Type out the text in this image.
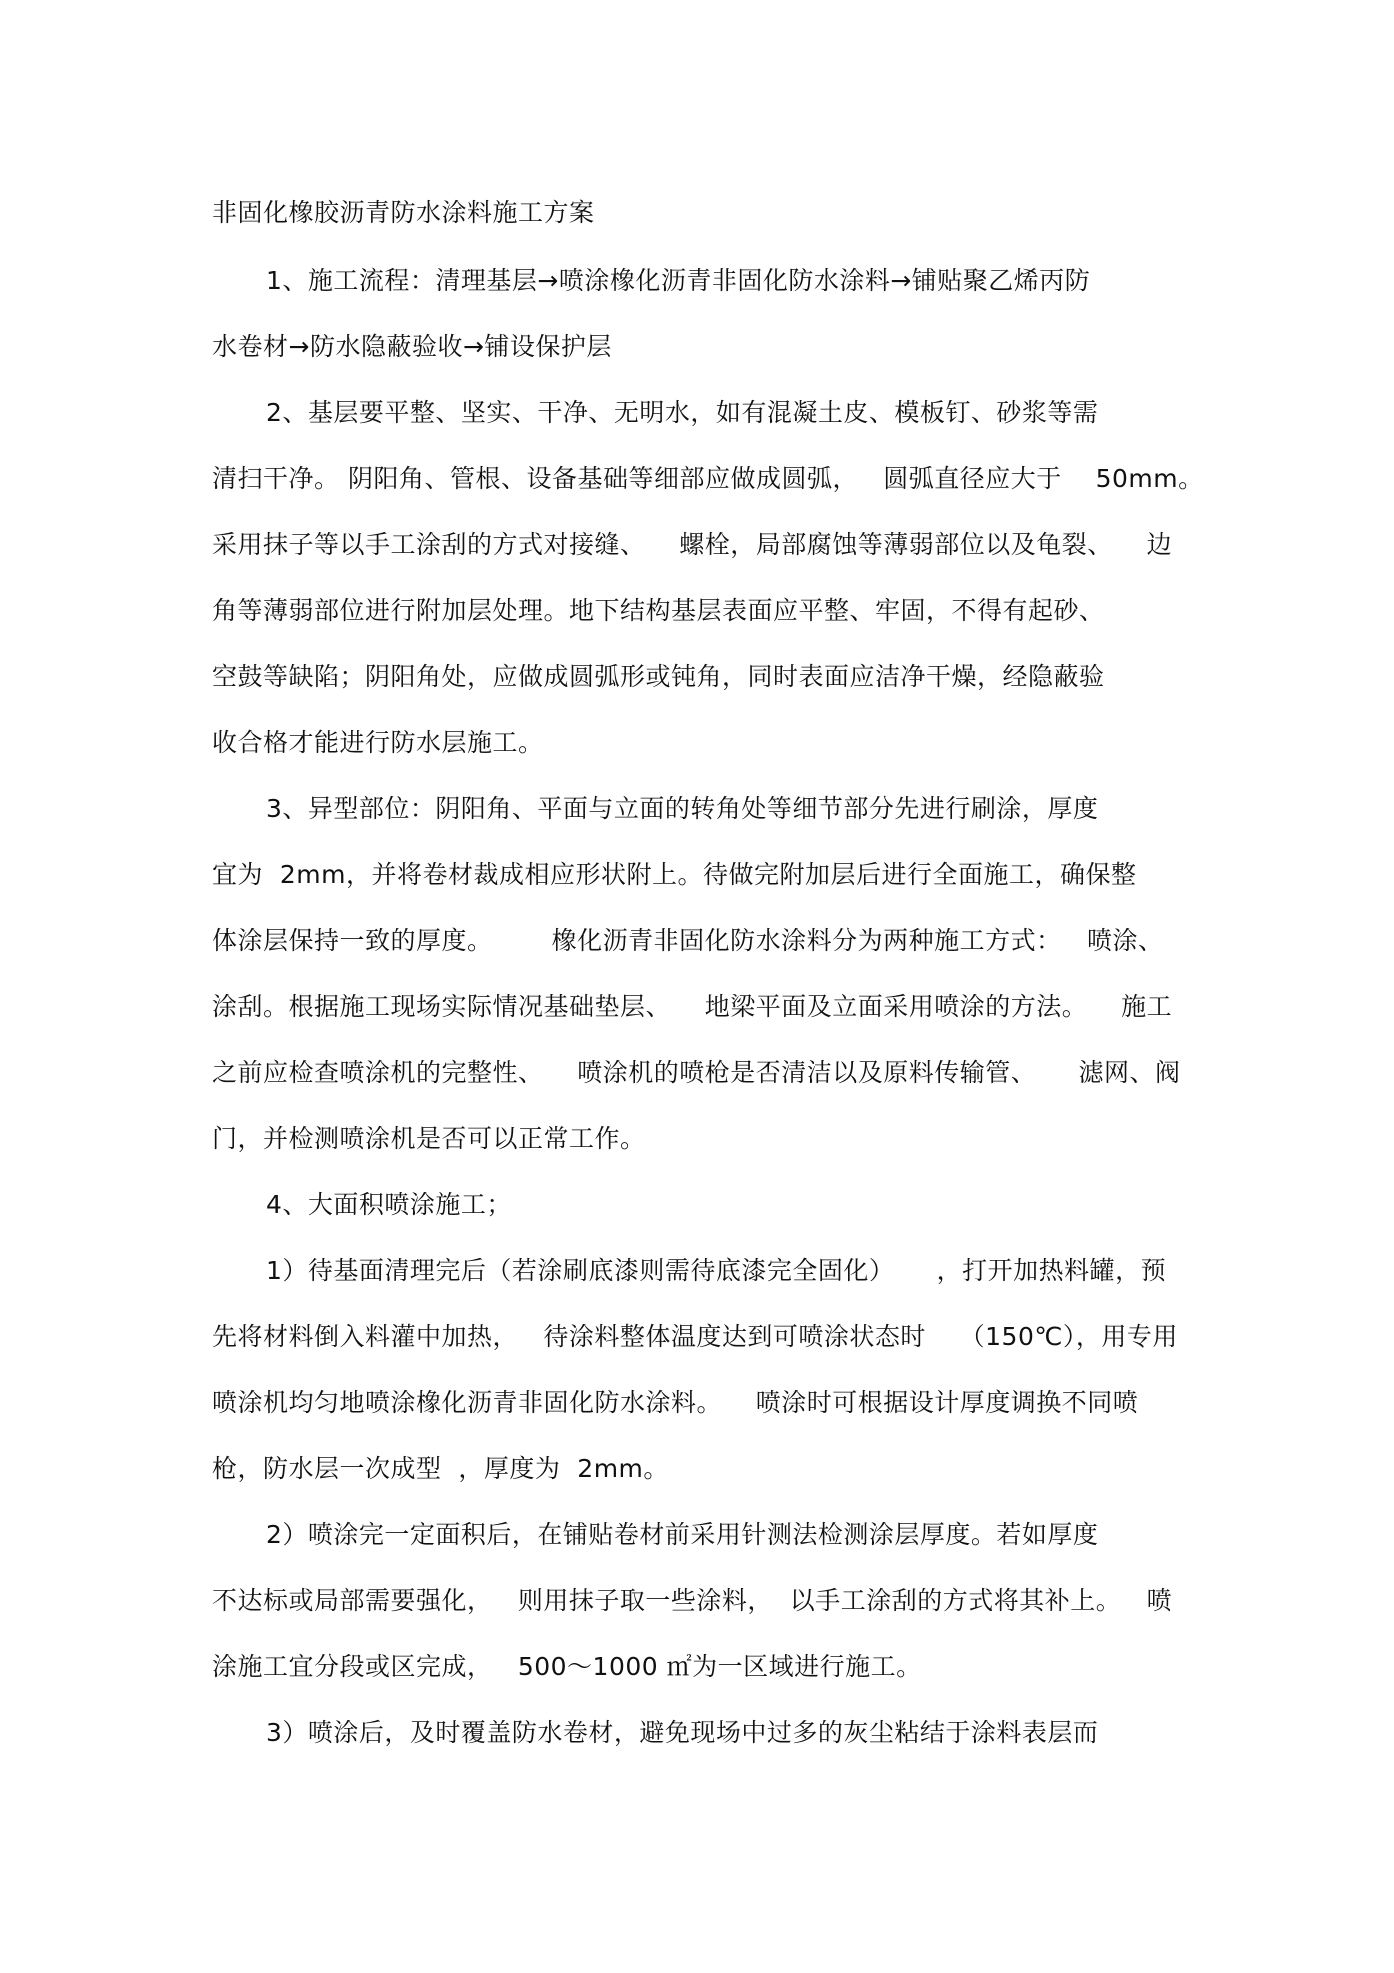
非固化橡胶沥青防水涂料施工方案
1、施工流程：清理基层→喷涂橡化沥青非固化防水涂料→铺贴聚乙烯丙防
水卷材→防水隐蔽验收→铺设保护层
2、基层要平整、坚实、干净、无明水，如有混凝土皮、模板钉、砂浆等需
清扫干净。 阴阳角、管根、设备基础等细部应做成圆弧，   圆弧直径应大于    50mm。
采用抹子等以手工涂刮的方式对接缝、    螺栓，局部腐蚀等薄弱部位以及龟裂、    边
角等薄弱部位进行附加层处理。地下结构基层表面应平整、牢固，不得有起砂、
空鼓等缺陷；阴阳角处，应做成圆弧形或钝角，同时表面应洁净干燥，经隐蔽验
收合格才能进行防水层施工。
3、异型部位：阴阳角、平面与立面的转角处等细节部分先进行刷涂，厚度
宜为  2mm，并将卷材裁成相应形状附上。待做完附加层后进行全面施工，确保整
体涂层保持一致的厚度。       橡化沥青非固化防水涂料分为两种施工方式：   喷涂、
涂刮。根据施工现场实际情况基础垫层、    地梁平面及立面采用喷涂的方法。    施工
之前应检查喷涂机的完整性、    喷涂机的喷枪是否清洁以及原料传输管、     滤网、阀
门，并检测喷涂机是否可以正常工作。
4、大面积喷涂施工；
1）待基面清理完后（若涂刷底漆则需待底漆完全固化）     ，打开加热料罐，预
先将材料倒入料灌中加热，   待涂料整体温度达到可喷涂状态时    （150℃），用专用
喷涂机均匀地喷涂橡化沥青非固化防水涂料。    喷涂时可根据设计厚度调换不同喷
枪，防水层一次成型  ，厚度为  2mm。
2）喷涂完一定面积后，在铺贴卷材前采用针测法检测涂层厚度。若如厚度
不达标或局部需要强化，   则用抹子取一些涂料，  以手工涂刮的方式将其补上。   喷
涂施工宜分段或区完成，   500～1000 ㎡为一区域进行施工。
3）喷涂后，及时覆盖防水卷材，避免现场中过多的灰尘粘结于涂料表层而
